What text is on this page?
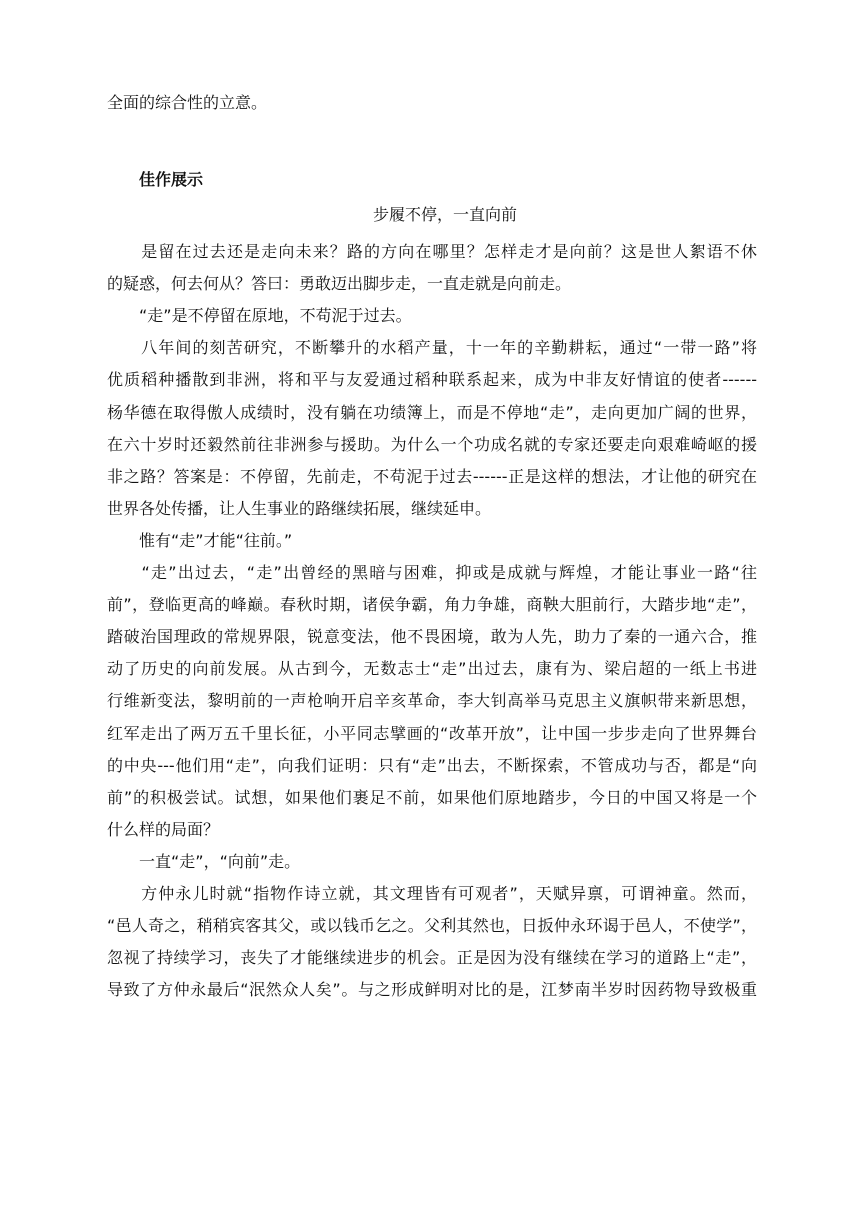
全面的综合性的立意。
佳作展示
步履不停，一直向前
　　是留在过去还是走向未来？路的方向在哪里？怎样走才是向前？这是世人絮语不休
的疑惑，何去何从？答曰：勇敢迈出脚步走，一直走就是向前走。
　　“走”是不停留在原地，不苟泥于过去。
　　八年间的刻苦研究，不断攀升的水稻产量，十一年的辛勤耕耘，通过“一带一路”将
优质稻种播散到非洲，将和平与友爱通过稻种联系起来，成为中非友好情谊的使者------
杨华德在取得傲人成绩时，没有躺在功绩簿上，而是不停地“走”，走向更加广阔的世界，
在六十岁时还毅然前往非洲参与援助。为什么一个功成名就的专家还要走向艰难崎岖的援
非之路？答案是：不停留，先前走，不苟泥于过去------正是这样的想法，才让他的研究在
世界各处传播，让人生事业的路继续拓展，继续延申。
　　惟有“走”才能“往前。”
　　“走”出过去，“走”出曾经的黑暗与困难，抑或是成就与辉煌，才能让事业一路“往
前”，登临更高的峰巅。春秋时期，诸侯争霸，角力争雄，商鞅大胆前行，大踏步地“走”，
踏破治国理政的常规界限，锐意变法，他不畏困境，敢为人先，助力了秦的一通六合，推
动了历史的向前发展。从古到今，无数志士“走”出过去，康有为、梁启超的一纸上书进
行维新变法，黎明前的一声枪响开启辛亥革命，李大钊高举马克思主义旗帜带来新思想，
红军走出了两万五千里长征，小平同志擘画的“改革开放”，让中国一步步走向了世界舞台
的中央---他们用“走”，向我们证明：只有“走”出去，不断探索，不管成功与否，都是“向
前”的积极尝试。试想，如果他们裹足不前，如果他们原地踏步，今日的中国又将是一个
什么样的局面？
　　一直“走”，“向前”走。
　　方仲永儿时就“指物作诗立就，其文理皆有可观者”，天赋异禀，可谓神童。然而，
“邑人奇之，稍稍宾客其父，或以钱币乞之。父利其然也，日扳仲永环谒于邑人，不使学”，
忽视了持续学习，丧失了才能继续进步的机会。正是因为没有继续在学习的道路上“走”，
导致了方仲永最后“泯然众人矣”。与之形成鲜明对比的是，江梦南半岁时因药物导致极重
